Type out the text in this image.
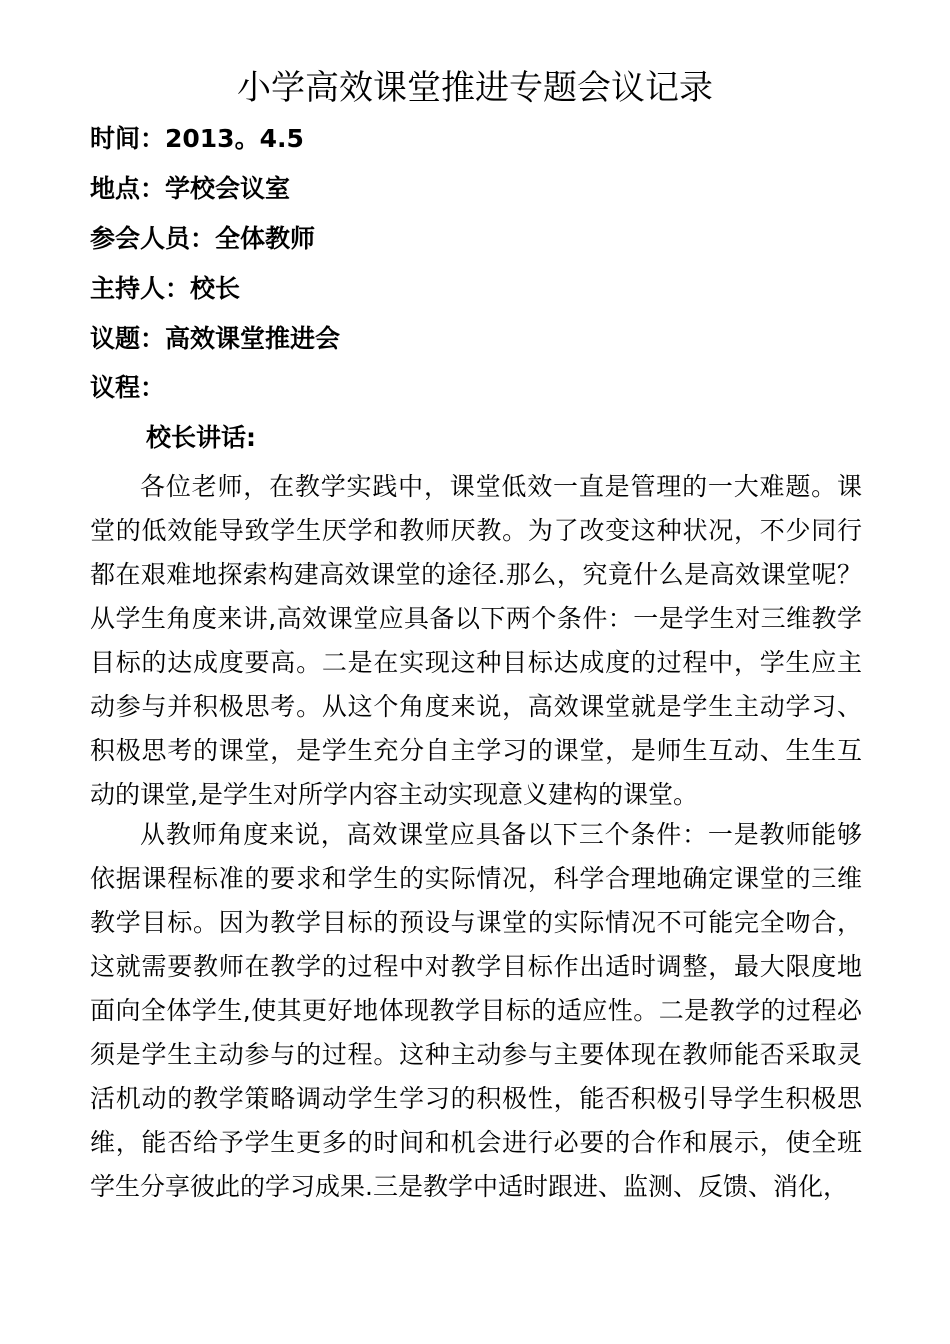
小学高效课堂推进专题会议记录

时间：2013。4.5

地点：学校会议室

参会人员：全体教师

主持人：校长

议题：高效课堂推进会

议程：

校长讲话:

各位老师，在教学实践中，课堂低效一直是管理的一大难题。课堂的低效能导致学生厌学和教师厌教。为了改变这种状况，不少同行都在艰难地探索构建高效课堂的途径.那么，究竟什么是高效课堂呢？从学生角度来讲,高效课堂应具备以下两个条件：一是学生对三维教学目标的达成度要高。二是在实现这种目标达成度的过程中，学生应主动参与并积极思考。从这个角度来说，高效课堂就是学生主动学习、积极思考的课堂，是学生充分自主学习的课堂，是师生互动、生生互动的课堂,是学生对所学内容主动实现意义建构的课堂。

从教师角度来说，高效课堂应具备以下三个条件：一是教师能够依据课程标准的要求和学生的实际情况，科学合理地确定课堂的三维教学目标。因为教学目标的预设与课堂的实际情况不可能完全吻合，这就需要教师在教学的过程中对教学目标作出适时调整，最大限度地面向全体学生,使其更好地体现教学目标的适应性。二是教学的过程必须是学生主动参与的过程。这种主动参与主要体现在教师能否采取灵活机动的教学策略调动学生学习的积极性，能否积极引导学生积极思维，能否给予学生更多的时间和机会进行必要的合作和展示，使全班学生分享彼此的学习成果.三是教学中适时跟进、监测、反馈、消化，
